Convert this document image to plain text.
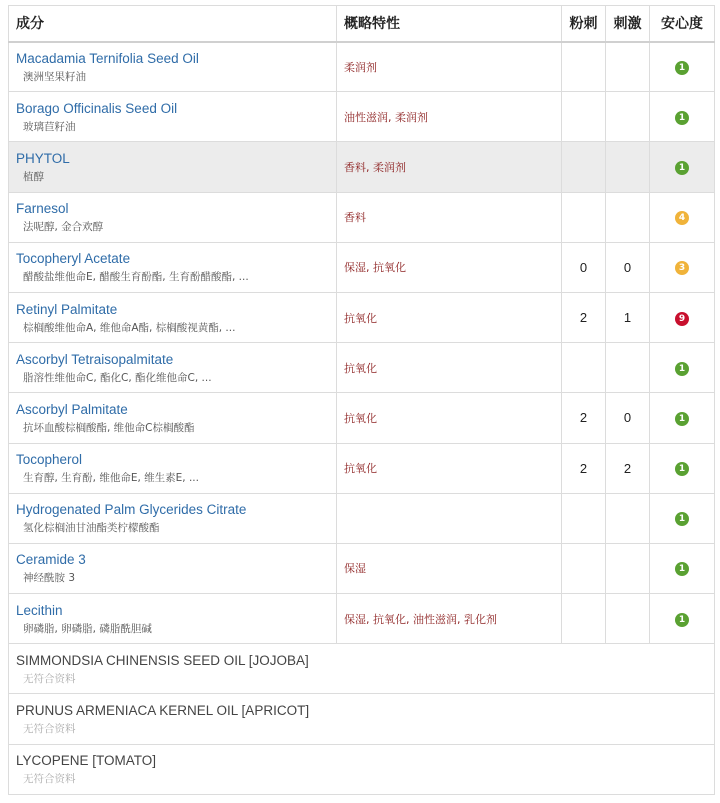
成分	概略特性	粉刺	刺激	安心度

Macadamia Ternifolia Seed Oil
澳洲坚果籽油	柔润剂			1

Borago Officinalis Seed Oil
玻璃苣籽油	油性滋润, 柔润剂			1

PHYTOL
植醇	香料, 柔润剂			1

Farnesol
法呢醇, 金合欢醇	香料			4

Tocopheryl Acetate
醋酸盐维他命E, 醋酸生育酚酯, 生育酚醋酸酯, ...	保湿, 抗氧化	0	0	3

Retinyl Palmitate
棕榈酸维他命A, 维他命A酯, 棕榈酸视黄酯, ...	抗氧化	2	1	9

Ascorbyl Tetraisopalmitate
脂溶性维他命C, 酯化C, 酯化维他命C, ...	抗氧化			1

Ascorbyl Palmitate
抗坏血酸棕榈酸酯, 维他命C棕榈酸酯	抗氧化	2	0	1

Tocopherol
生育醇, 生育酚, 维他命E, 维生素E, ...	抗氧化	2	2	1

Hydrogenated Palm Glycerides Citrate
氢化棕榈油甘油酯类柠檬酸酯				1

Ceramide 3
神经酰胺 3	保湿			1

Lecithin
卵磷脂, 卵磷脂, 磷脂酰胆碱	保湿, 抗氧化, 油性滋润, 乳化剂			1

SIMMONDSIA CHINENSIS SEED OIL [JOJOBA]
无符合资料				

PRUNUS ARMENIACA KERNEL OIL [APRICOT]
无符合资料				

LYCOPENE [TOMATO]
无符合资料				
